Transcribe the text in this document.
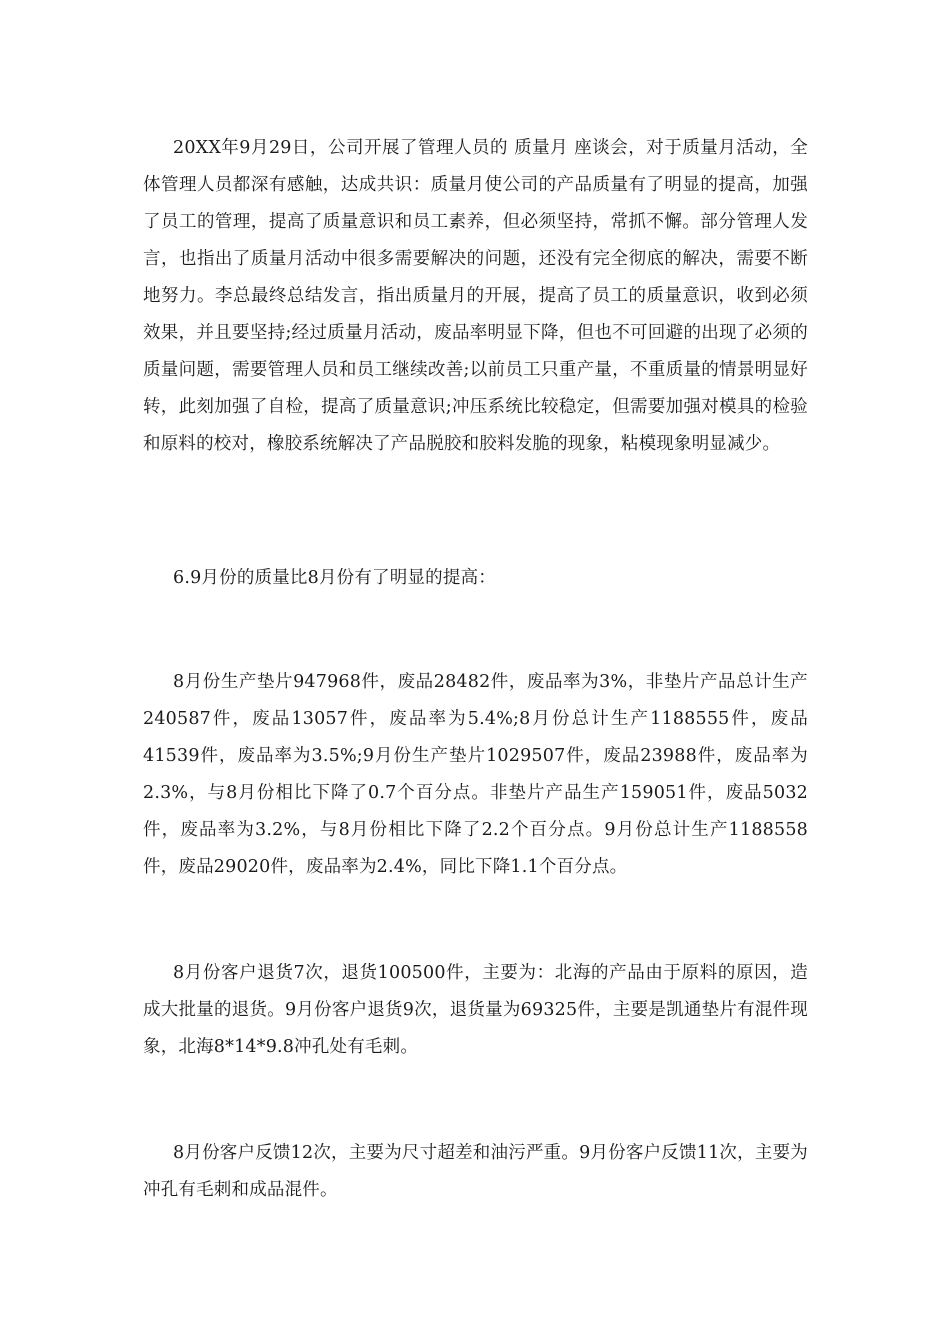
20XX年9月29日，公司开展了管理人员的 质量月 座谈会，对于质量月活动，全体管理人员都深有感触，达成共识：质量月使公司的产品质量有了明显的提高，加强了员工的管理，提高了质量意识和员工素养，但必须坚持，常抓不懈。部分管理人发言，也指出了质量月活动中很多需要解决的问题，还没有完全彻底的解决，需要不断地努力。李总最终总结发言，指出质量月的开展，提高了员工的质量意识，收到必须效果，并且要坚持;经过质量月活动，废品率明显下降，但也不可回避的出现了必须的质量问题，需要管理人员和员工继续改善;以前员工只重产量，不重质量的情景明显好转，此刻加强了自检，提高了质量意识;冲压系统比较稳定，但需要加强对模具的检验和原料的校对，橡胶系统解决了产品脱胶和胶料发脆的现象，粘模现象明显减少。

6.9月份的质量比8月份有了明显的提高：

8月份生产垫片947968件，废品28482件，废品率为3%，非垫片产品总计生产240587件，废品13057件，废品率为5.4%;8月份总计生产1188555件，废品41539件，废品率为3.5%;9月份生产垫片1029507件，废品23988件，废品率为2.3%，与8月份相比下降了0.7个百分点。非垫片产品生产159051件，废品5032件，废品率为3.2%，与8月份相比下降了2.2个百分点。9月份总计生产1188558件，废品29020件，废品率为2.4%，同比下降1.1个百分点。

8月份客户退货7次，退货100500件，主要为：北海的产品由于原料的原因，造成大批量的退货。9月份客户退货9次，退货量为69325件，主要是凯通垫片有混件现象，北海8*14*9.8冲孔处有毛刺。

8月份客户反馈12次，主要为尺寸超差和油污严重。9月份客户反馈11次，主要为冲孔有毛刺和成品混件。
